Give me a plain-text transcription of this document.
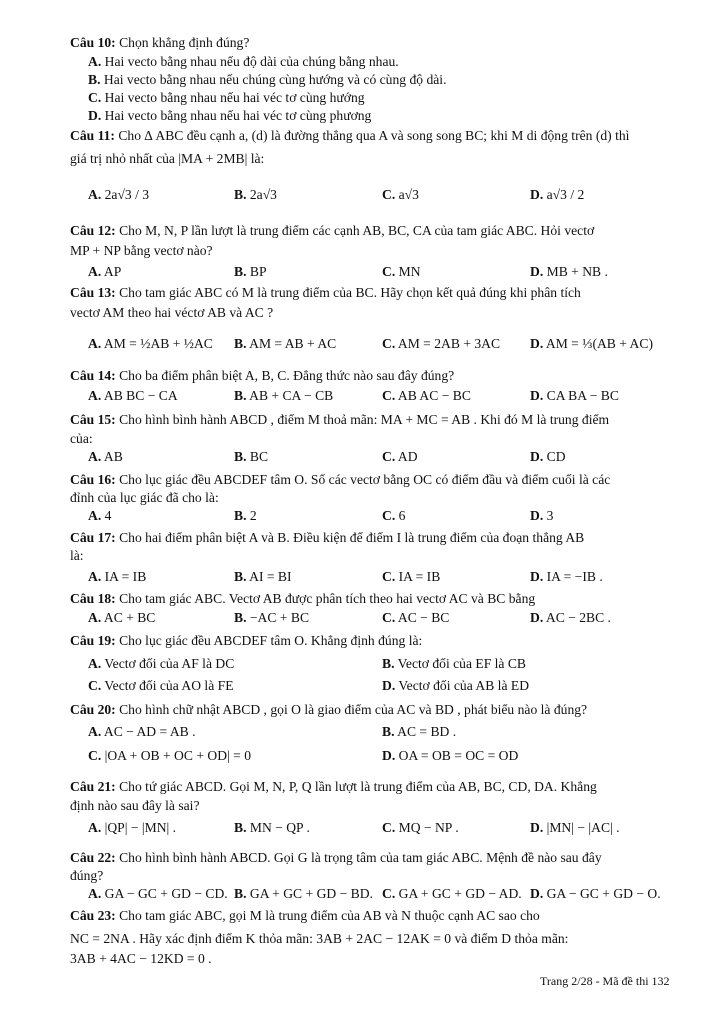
Câu 10: Chọn khẳng định đúng?
A. Hai vecto bằng nhau nếu độ dài của chúng bằng nhau.
B. Hai vecto bằng nhau nếu chúng cùng hướng và có cùng độ dài.
C. Hai vecto bằng nhau nếu hai véc tơ cùng hướng
D. Hai vecto bằng nhau nếu hai véc tơ cùng phương
Câu 11: Cho ∆ ABC đều cạnh a, (d) là đường thẳng qua A và song song BC; khi M di động trên (d) thì
giá trị nhỏ nhất của |MA + 2MB| là:
A. 2a√3 / 3	B. 2a√3	C. a√3	D. a√3 / 2
Câu 12: Cho M, N, P lần lượt là trung điểm các cạnh AB, BC, CA của tam giác ABC. Hỏi vectơ
MP + NP bằng vectơ nào?
A. AP	B. BP	C. MN	D. MB + NB .
Câu 13: Cho tam giác ABC có M là trung điểm của BC. Hãy chọn kết quả đúng khi phân tích
vectơ AM theo hai véctơ AB và AC ?
A. AM = ½AB + ½AC B. AM = AB + AC	C. AM = 2AB + 3AC D. AM = ⅓(AB + AC)
Câu 14: Cho ba điểm phân biệt A, B, C. Đẳng thức nào sau đây đúng?
A. AB BC − CA	B. AB + CA − CB	C. AB AC − BC	D. CA BA − BC
Câu 15: Cho hình bình hành ABCD , điểm M thoả mãn: MA + MC = AB . Khi đó M là trung điểm
của:
A. AB	B. BC	C. AD	D. CD
Câu 16: Cho lục giác đều ABCDEF tâm O. Số các vectơ bằng OC có điểm đầu và điểm cuối là các
đỉnh của lục giác đã cho là:
A. 4	B. 2	C. 6	D. 3
Câu 17: Cho hai điểm phân biệt A và B. Điều kiện để điểm I là trung điểm của đoạn thẳng AB
là:
A. IA = IB	B. AI = BI	C. IA = IB	D. IA = −IB .
Câu 18: Cho tam giác ABC. Vectơ AB được phân tích theo hai vectơ AC và BC bằng
A. AC + BC	B. −AC + BC	C. AC − BC	D. AC − 2BC .
Câu 19: Cho lục giác đều ABCDEF tâm O. Khẳng định đúng là:
A. Vectơ đối của AF là DC	B. Vectơ đối của EF là CB
C. Vectơ đối của AO là FE	D. Vectơ đối của AB là ED
Câu 20: Cho hình chữ nhật ABCD , gọi O là giao điểm của AC và BD , phát biểu nào là đúng?
A. AC − AD = AB .	B. AC = BD .
C. |OA + OB + OC + OD| = 0	D. OA = OB = OC = OD
Câu 21: Cho tứ giác ABCD. Gọi M, N, P, Q lần lượt là trung điểm của AB, BC, CD, DA. Khẳng
định nào sau đây là sai?
A. |QP| − |MN| .	B. MN − QP .	C. MQ − NP .	D. |MN| − |AC| .
Câu 22: Cho hình bình hành ABCD. Gọi G là trọng tâm của tam giác ABC. Mệnh đề nào sau đây
đúng?
A. GA − GC + GD − CD. B. GA + GC + GD − BD. C. GA + GC + GD − AD. D. GA − GC + GD − O.
Câu 23: Cho tam giác ABC, gọi M là trung điểm của AB và N thuộc cạnh AC sao cho
NC = 2NA . Hãy xác định điểm K thỏa mãn: 3AB + 2AC − 12AK = 0 và điểm D thỏa mãn:
3AB + 4AC − 12KD = 0 .
Trang 2/28 - Mã đề thi 132
